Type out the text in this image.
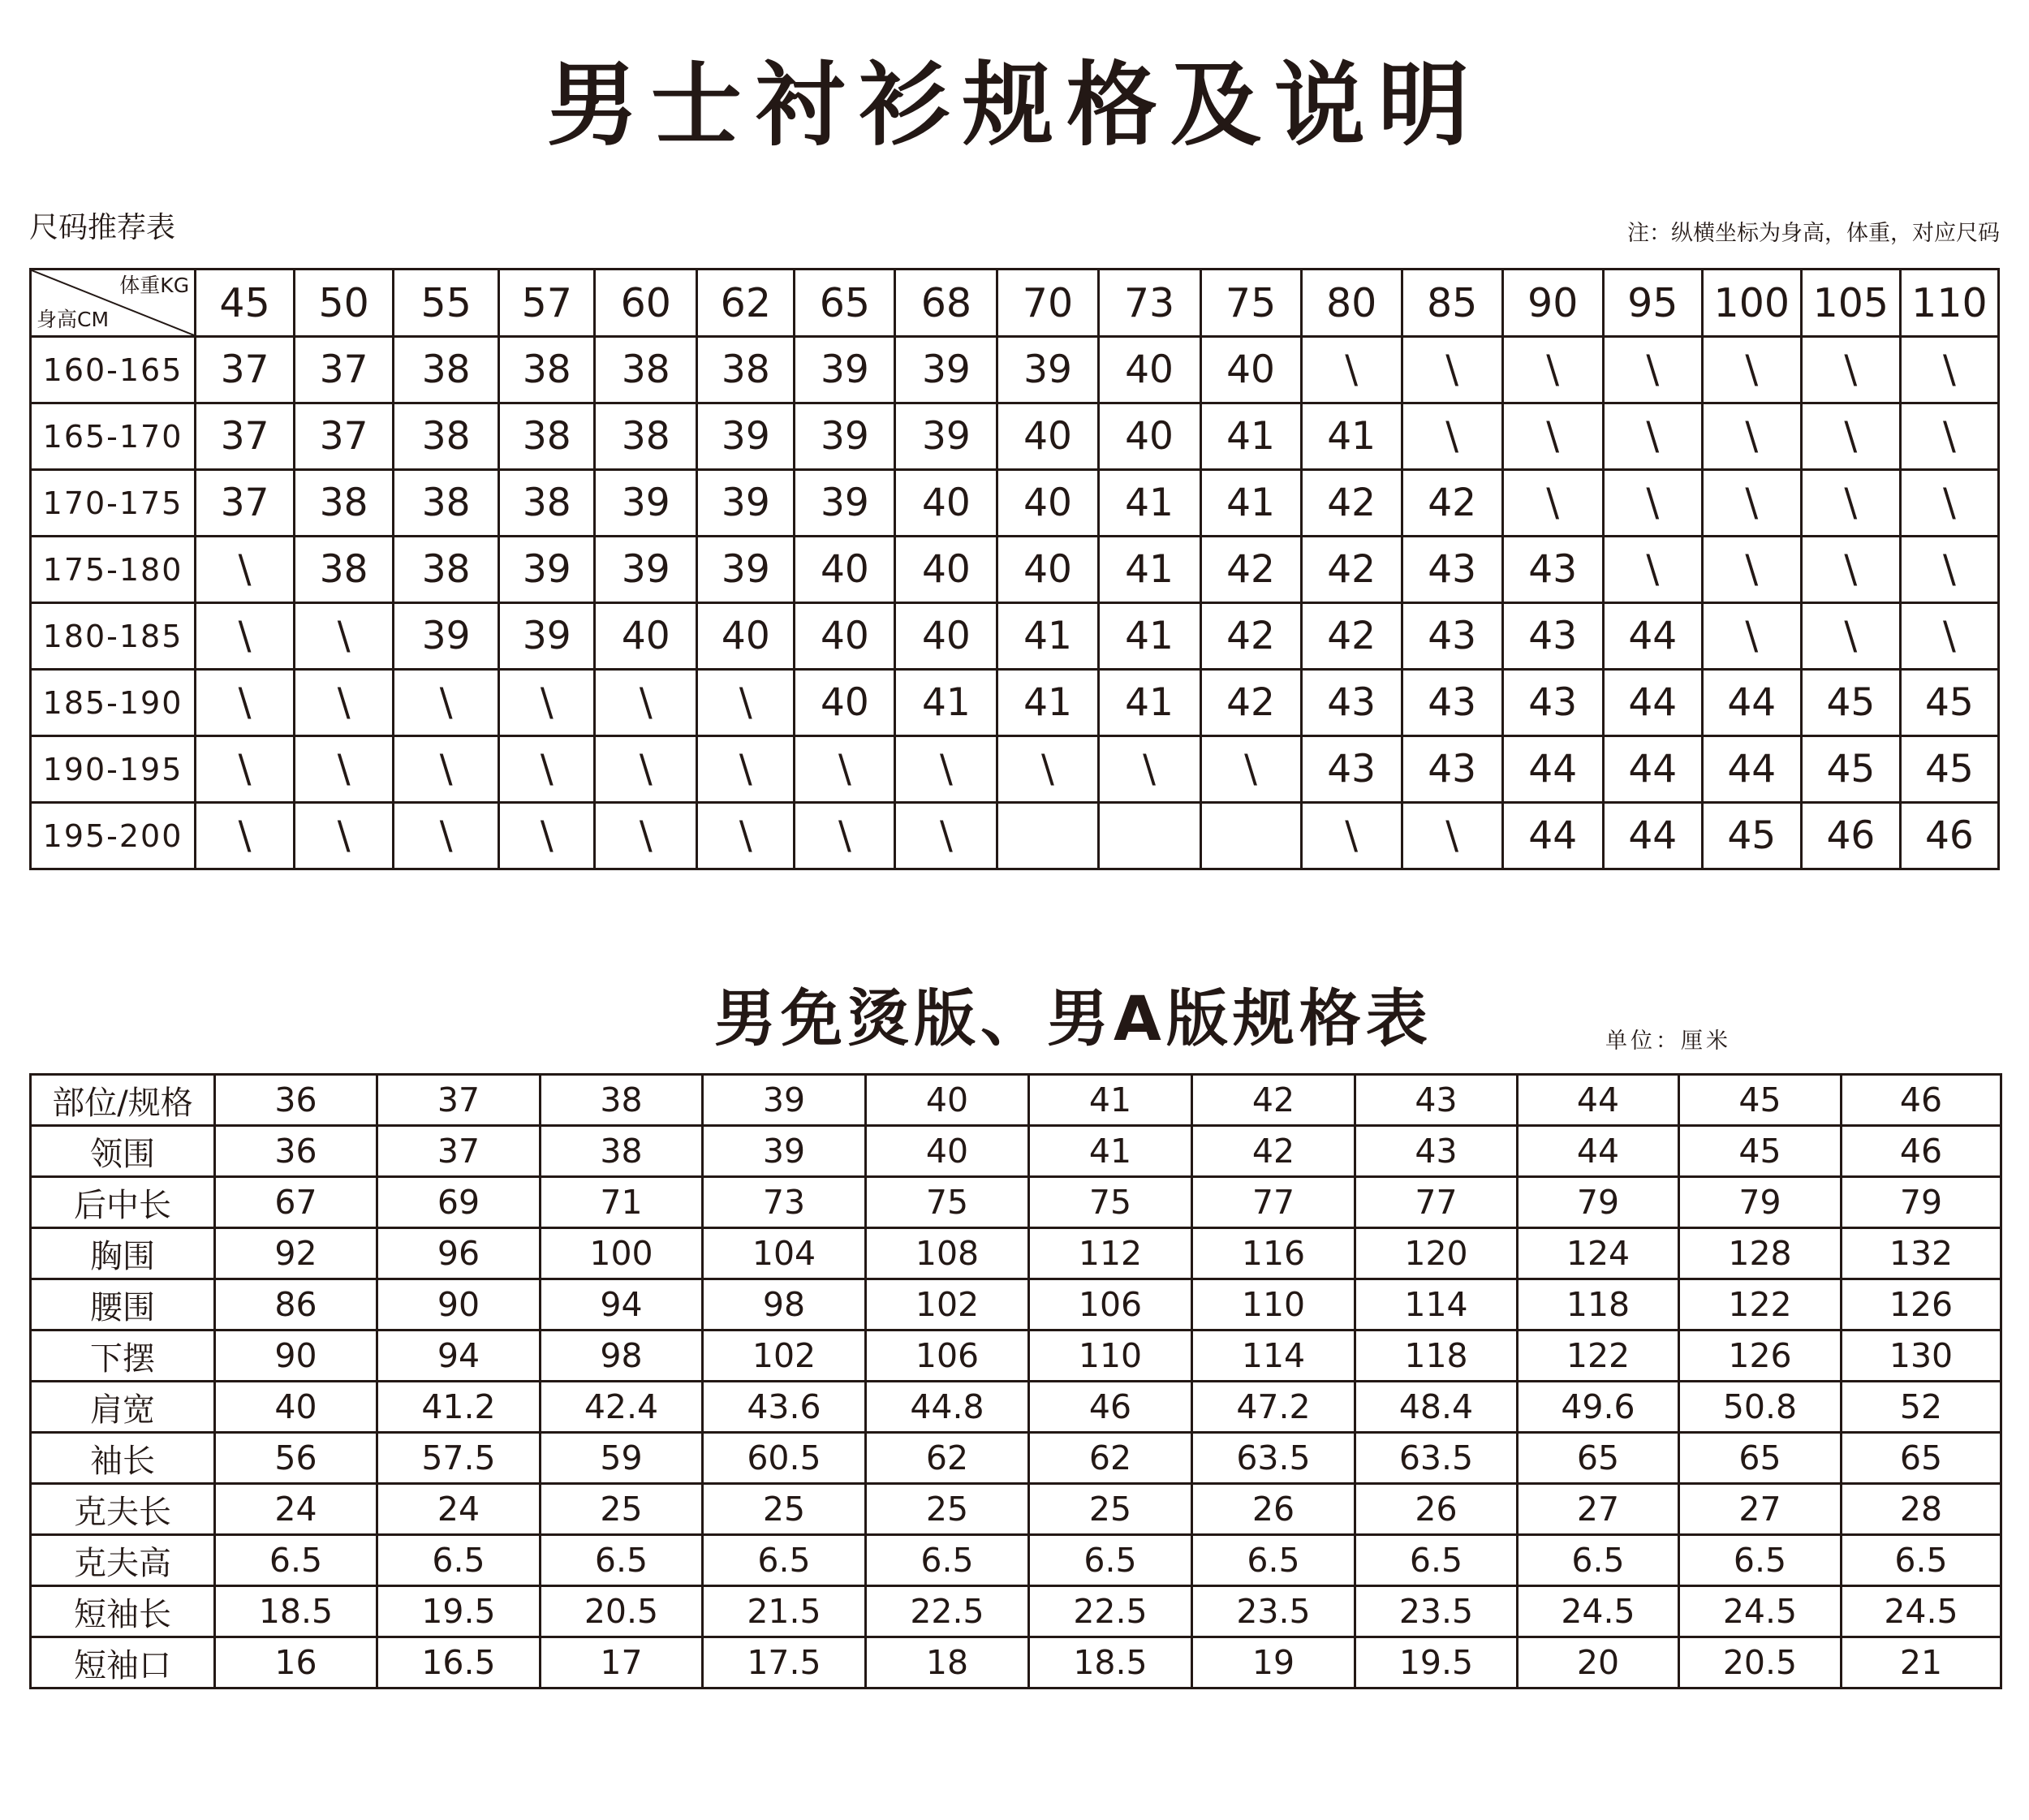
男士衬衫规格及说明
尺码推荐表	注：纵横坐标为身高，体重，对应尺码
体重KG
身高CM	45	50	55	57	60	62	65	68	70	73	75	80	85	90	95	100	105	110
160-165	37	37	38	38	38	38	39	39	39	40	40	\	\	\	\	\	\	\
165-170	37	37	38	38	38	39	39	39	40	40	41	41	\	\	\	\	\	\
170-175	37	38	38	38	39	39	39	40	40	41	41	42	42	\	\	\	\	\
175-180	\	38	38	39	39	39	40	40	40	41	42	42	43	43	\	\	\	\
180-185	\	\	39	39	40	40	40	40	41	41	42	42	43	43	44	\	\	\
185-190	\	\	\	\	\	\	40	41	41	41	42	43	43	43	44	44	45	45
190-195	\	\	\	\	\	\	\	\	\	\	\	43	43	44	44	44	45	45
195-200	\	\	\	\	\	\	\	\				\	\	44	44	45	46	46
男免烫版、男A版规格表	单位：厘米
部位/规格	36	37	38	39	40	41	42	43	44	45	46
领围	36	37	38	39	40	41	42	43	44	45	46
后中长	67	69	71	73	75	75	77	77	79	79	79
胸围	92	96	100	104	108	112	116	120	124	128	132
腰围	86	90	94	98	102	106	110	114	118	122	126
下摆	90	94	98	102	106	110	114	118	122	126	130
肩宽	40	41.2	42.4	43.6	44.8	46	47.2	48.4	49.6	50.8	52
袖长	56	57.5	59	60.5	62	62	63.5	63.5	65	65	65
克夫长	24	24	25	25	25	25	26	26	27	27	28
克夫高	6.5	6.5	6.5	6.5	6.5	6.5	6.5	6.5	6.5	6.5	6.5
短袖长	18.5	19.5	20.5	21.5	22.5	22.5	23.5	23.5	24.5	24.5	24.5
短袖口	16	16.5	17	17.5	18	18.5	19	19.5	20	20.5	21
